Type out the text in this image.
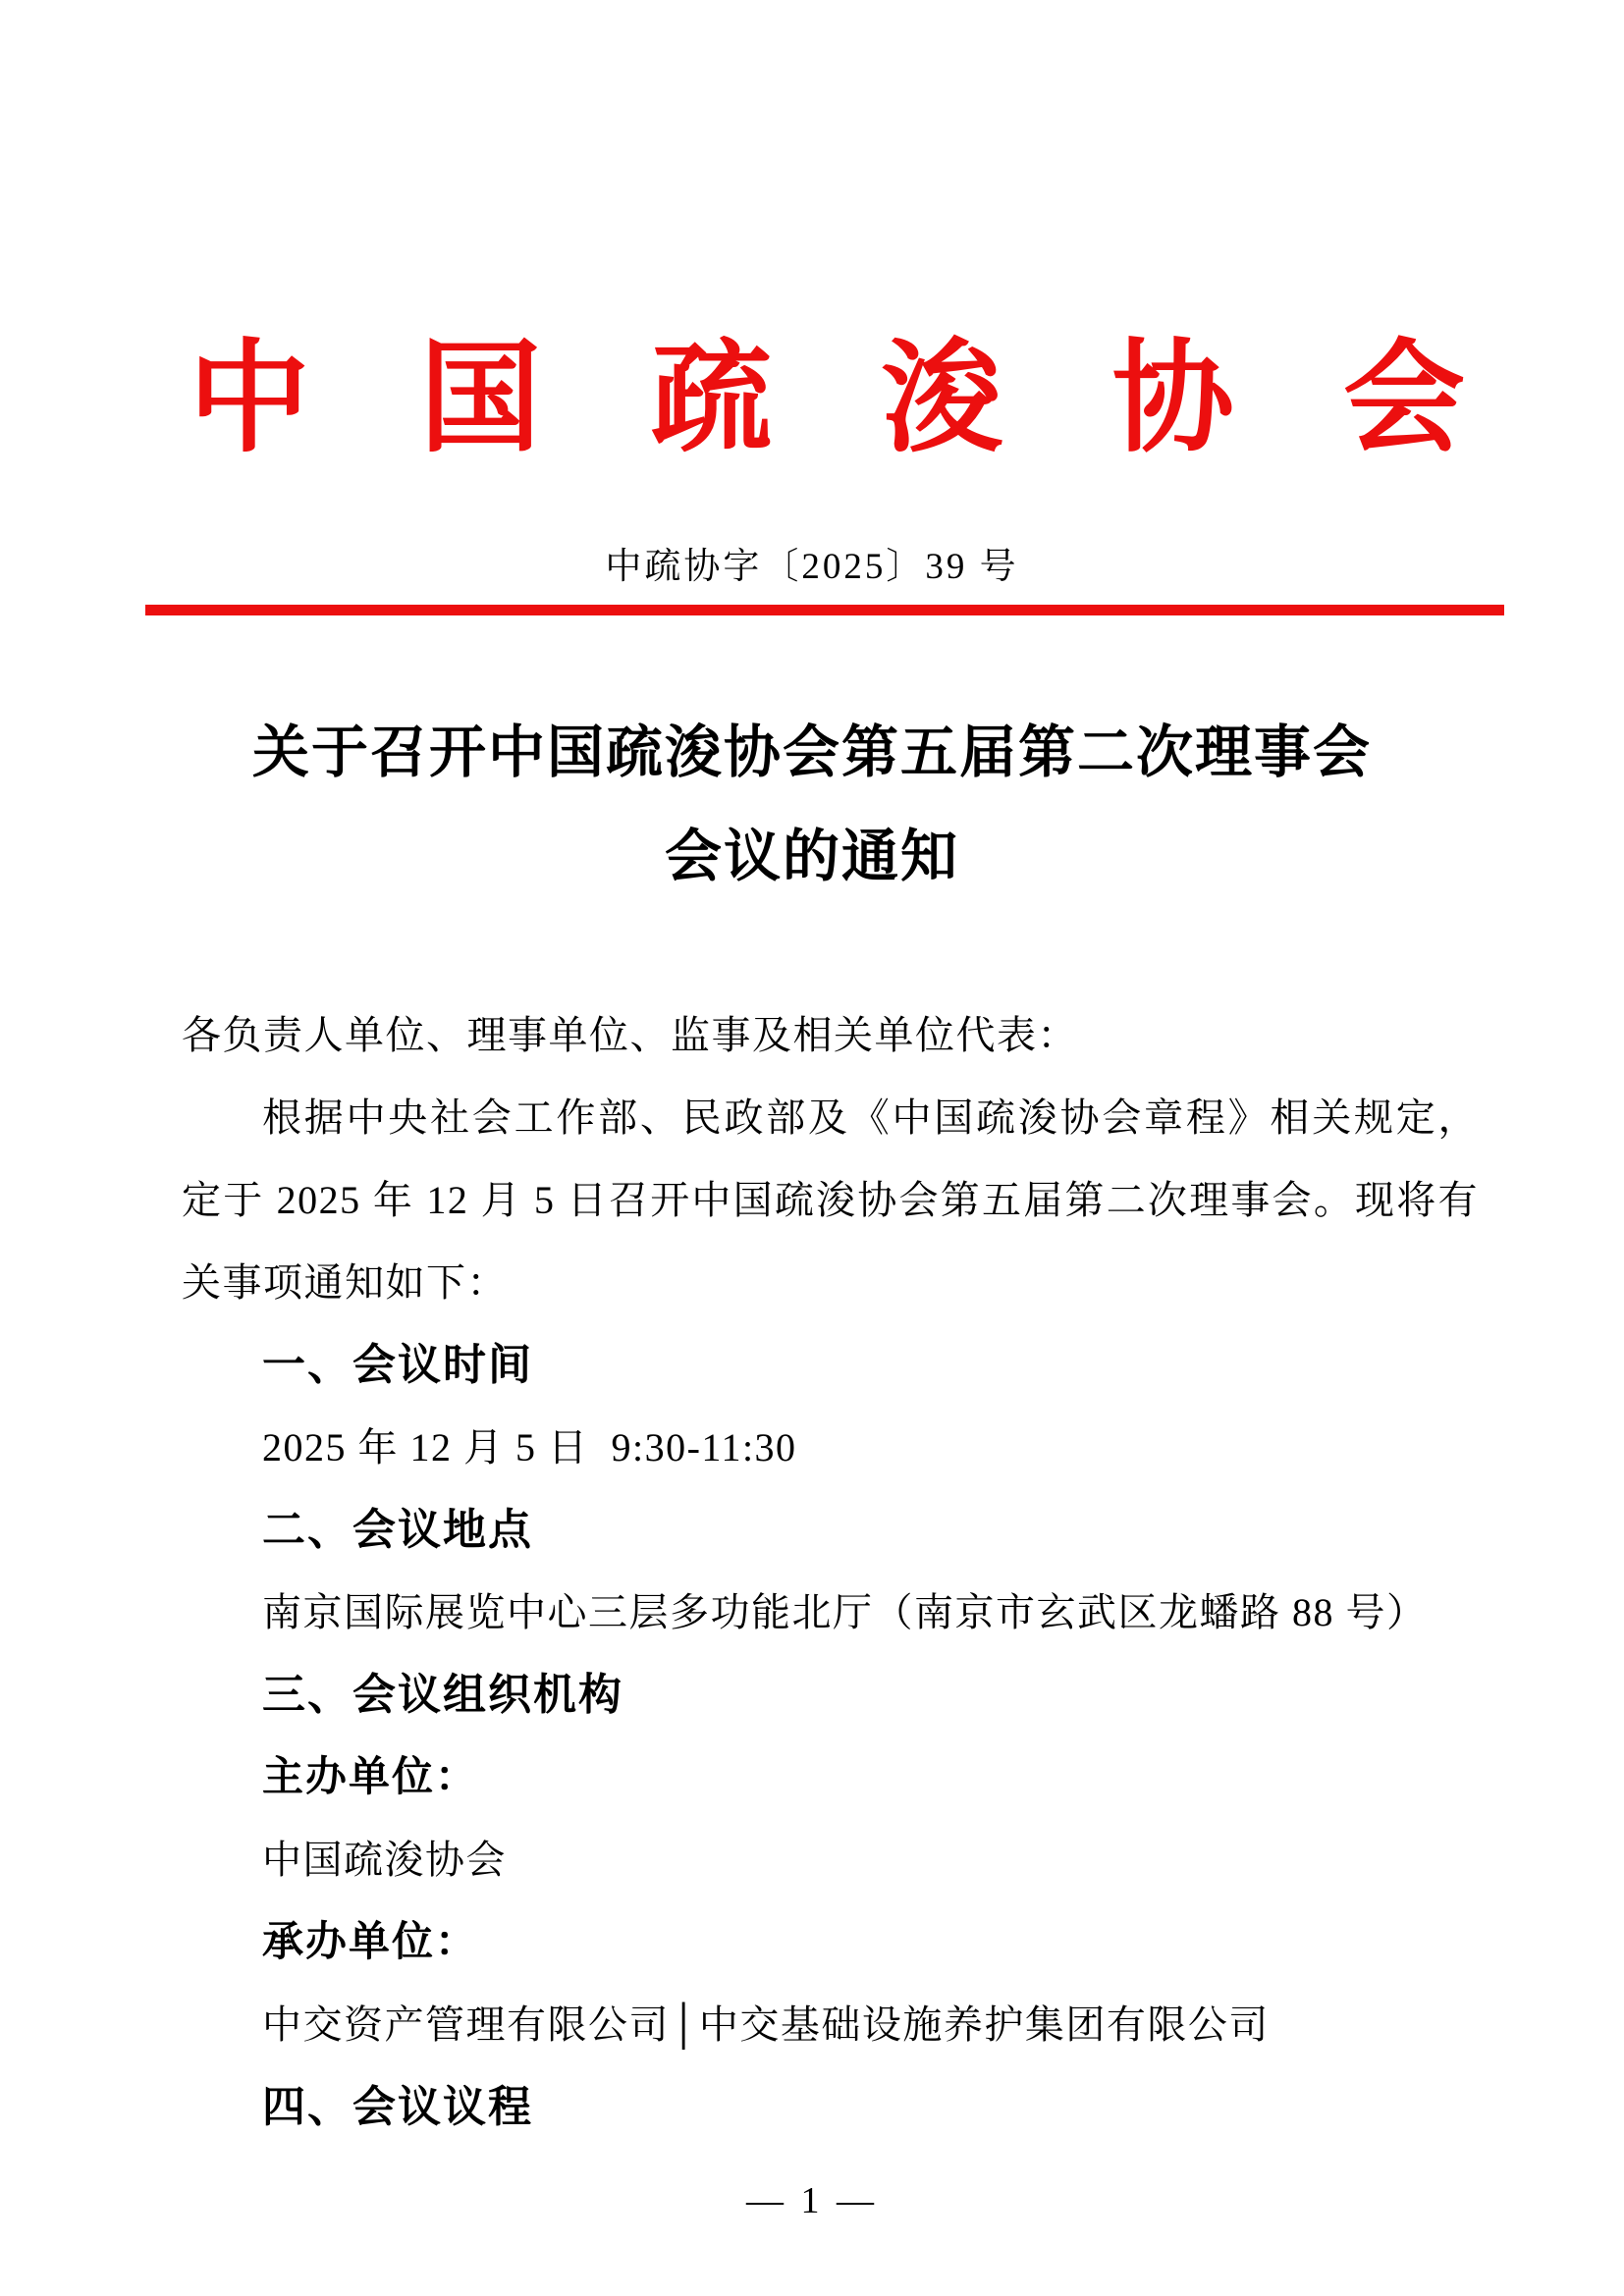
中 国 疏 浚 协 会
中疏协字〔2025〕39 号
关于召开中国疏浚协会第五届第二次理事会
会议的通知
各负责人单位、理事单位、监事及相关单位代表：
根据中央社会工作部、民政部及《中国疏浚协会章程》相关规定，
定于 2025 年 12 月 5 日召开中国疏浚协会第五届第二次理事会。现将有
关事项通知如下：
一、会议时间
2025 年 12 月 5 日  9:30-11:30
二、会议地点
南京国际展览中心三层多功能北厅（南京市玄武区龙蟠路 88 号）
三、会议组织机构
主办单位：
中国疏浚协会
承办单位：
中交资产管理有限公司│中交基础设施养护集团有限公司
四、会议议程
— 1 —
